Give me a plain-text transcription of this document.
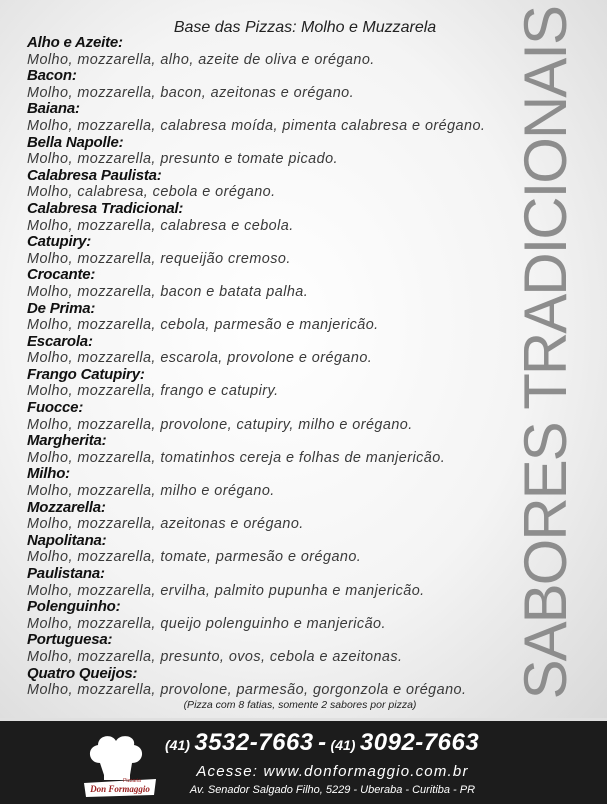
Base das Pizzas: Molho e Muzzarela
Alho e Azeite:
Molho, mozzarella, alho, azeite de oliva e orégano.
Bacon:
Molho, mozzarella, bacon, azeitonas e orégano.
Baiana:
Molho, mozzarella, calabresa moída, pimenta calabresa e orégano.
Bella Napolle:
Molho, mozzarella, presunto e tomate picado.
Calabresa Paulista:
Molho, calabresa, cebola e orégano.
Calabresa Tradicional:
Molho, mozzarella, calabresa e cebola.
Catupiry:
Molho, mozzarella, requeijão cremoso.
Crocante:
Molho, mozzarella, bacon e batata palha.
De Prima:
Molho, mozzarella, cebola, parmesão e manjericão.
Escarola:
Molho, mozzarella, escarola, provolone e orégano.
Frango Catupiry:
Molho, mozzarella, frango e catupiry.
Fuocce:
Molho, mozzarella, provolone, catupiry, milho e orégano.
Margherita:
Molho, mozzarella, tomatinhos cereja e folhas de manjericão.
Milho:
Molho, mozzarella, milho e orégano.
Mozzarella:
Molho, mozzarella, azeitonas e orégano.
Napolitana:
Molho, mozzarella, tomate, parmesão e orégano.
Paulistana:
Molho, mozzarella, ervilha, palmito pupunha e manjericão.
Polenguinho:
Molho, mozzarella, queijo polenguinho e manjericão.
Portuguesa:
Molho, mozzarella, presunto, ovos, cebola e azeitonas.
Quatro Queijos:
Molho, mozzarella, provolone, parmesão, gorgonzola e orégano.
(Pizza com 8 fatias, somente 2 sabores por pizza)
SABORES TRADICIONAIS
Pizzaria
Don Formaggio
(41) 3532-7663 - (41) 3092-7663
Acesse: www.donformaggio.com.br
Av. Senador Salgado Filho, 5229 - Uberaba - Curitiba - PR
